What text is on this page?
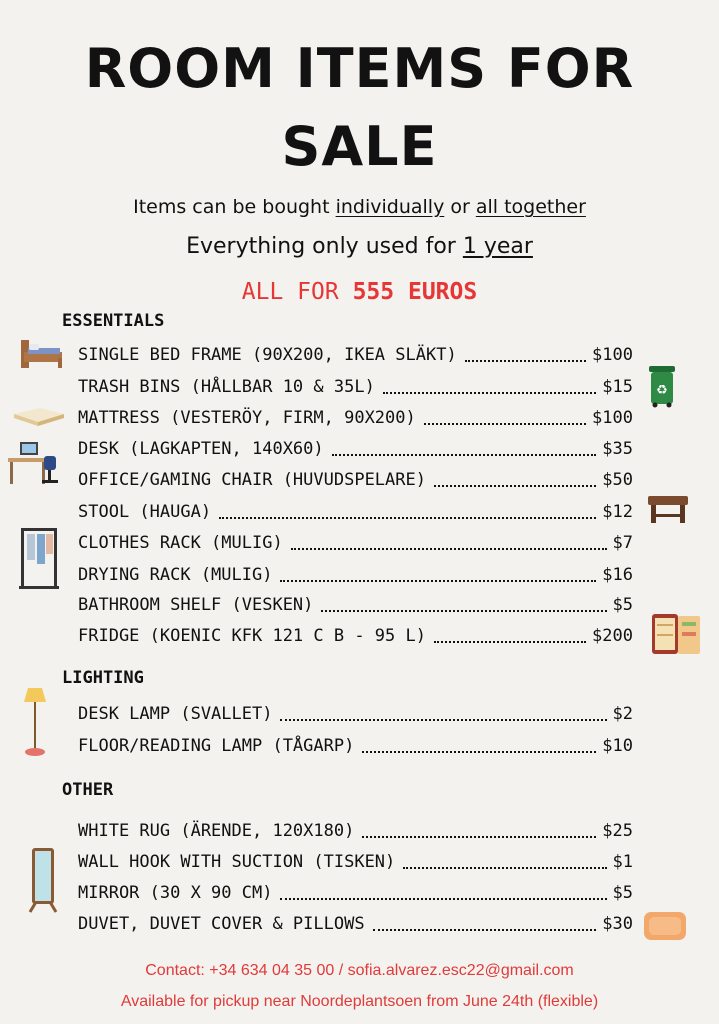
ROOM ITEMS FOR
SALE
Items can be bought individually or all together
Everything only used for 1 year
ALL FOR 555 EUROS
ESSENTIALS
LIGHTING
OTHER
SINGLE BED FRAME (90X200, IKEA SLÄKT)	$100
TRASH BINS (HÅLLBAR 10 & 35L)	$15
MATTRESS (VESTERÖY, FIRM, 90X200)	$100
DESK (LAGKAPTEN, 140X60)	$35
OFFICE/GAMING CHAIR (HUVUDSPELARE)	$50
STOOL (HAUGA)	$12
CLOTHES RACK (MULIG)	$7
DRYING RACK (MULIG)	$16
BATHROOM SHELF (VESKEN)	$5
FRIDGE (KOENIC KFK 121 C B - 95 L)	$200
DESK LAMP (SVALLET)	$2
FLOOR/READING LAMP (TÅGARP)	$10
WHITE RUG (ÄRENDE, 120X180)	$25
WALL HOOK WITH SUCTION (TISKEN)	$1
MIRROR (30 X 90 CM)	$5
DUVET, DUVET COVER & PILLOWS	$30
Contact: +34 634 04 35 00 / sofia.alvarez.esc22@gmail.com
Available for pickup near Noordeplantsoen from June 24th (flexible)
♻
